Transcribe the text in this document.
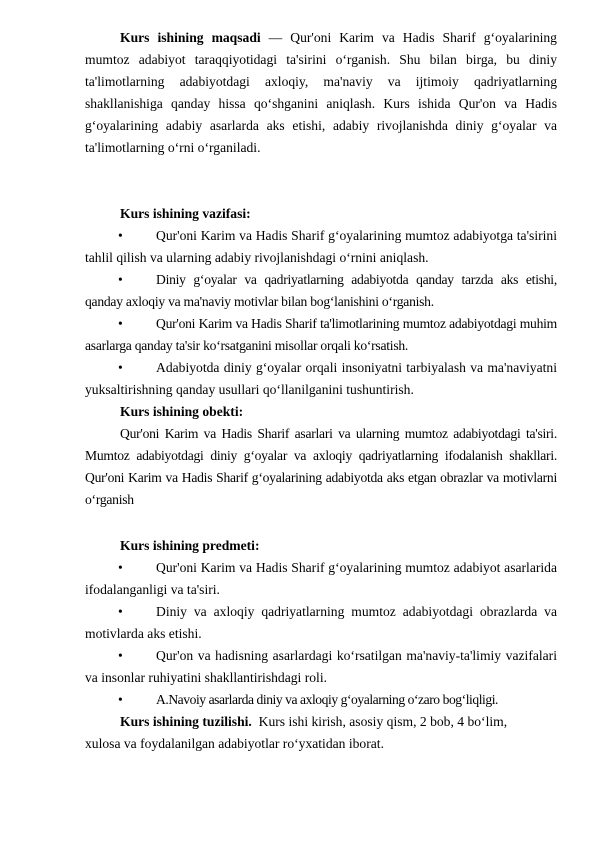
Kurs ishining maqsadi — Qur'oni Karim va Hadis Sharif g‘oyalarining mumtoz adabiyot taraqqiyotidagi ta'sirini o‘rganish. Shu bilan birga, bu diniy ta'limotlarning adabiyotdagi axloqiy, ma'naviy va ijtimoiy qadriyatlarning shakllanishiga qanday hissa qo‘shganini aniqlash. Kurs ishida Qur'on va Hadis g‘oyalarining adabiy asarlarda aks etishi, adabiy rivojlanishda diniy g‘oyalar va ta'limotlarning o‘rni o‘rganiladi.

Kurs ishining vazifasi:

•	Qur'oni Karim va Hadis Sharif g‘oyalarining mumtoz adabiyotga ta'sirini tahlil qilish va ularning adabiy rivojlanishdagi o‘rnini aniqlash.
•	Diniy g‘oyalar va qadriyatlarning adabiyotda qanday tarzda aks etishi, qanday axloqiy va ma'naviy motivlar bilan bog‘lanishini o‘rganish.
•	Qur'oni Karim va Hadis Sharif ta'limotlarining mumtoz adabiyotdagi muhim asarlarga qanday ta'sir ko‘rsatganini misollar orqali ko‘rsatish.
•	Adabiyotda diniy g‘oyalar orqali insoniyatni tarbiyalash va ma'naviyatni yuksaltirishning qanday usullari qo‘llanilganini tushuntirish.

Kurs ishining obekti:

Qur'oni Karim va Hadis Sharif asarlari va ularning mumtoz adabiyotdagi ta'siri. Mumtoz adabiyotdagi diniy g‘oyalar va axloqiy qadriyatlarning ifodalanish shakllari. Qur'oni Karim va Hadis Sharif g‘oyalarining adabiyotda aks etgan obrazlar va motivlarni o‘rganish

Kurs ishining predmeti:

•	Qur'oni Karim va Hadis Sharif g‘oyalarining mumtoz adabiyot asarlarida ifodalanganligi va ta'siri.
•	Diniy va axloqiy qadriyatlarning mumtoz adabiyotdagi obrazlarda va motivlarda aks etishi.
•	Qur'on va hadisning asarlardagi ko‘rsatilgan ma'naviy-ta'limiy vazifalari va insonlar ruhiyatini shakllantirishdagi roli.
•	A.Navoiy asarlarda diniy va axloqiy g‘oyalarning o‘zaro bog‘liqligi.

Kurs ishining tuzilishi. Kurs ishi kirish, asosiy qism, 2 bob, 4 bo‘lim,

xulosa va foydalanilgan adabiyotlar ro‘yxatidan iborat.
